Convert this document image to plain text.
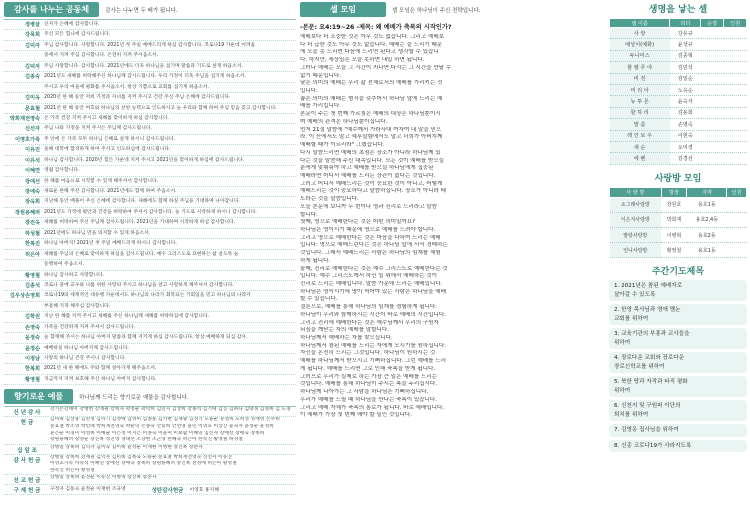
감사를 나누는 공동체	감사는 나누면 두 배가 됩니다.
정병살 신자가 은혜에 감사합니다.
강목희 주신 모든 힘나에 감사드립니다.
김덕자 주님 감사합니다. 사랑합니다. 2021년 첫 주일 예배드리게 하심 감사합니다. 코로나19 가운데 어려움
중에서 지켜 주심 감사합니다. 온전히 지켜 주시옵소서.
김덕자 주님 사랑합니다. 감사합니다. 2021년에도 더욱 하나님을 섬기며 말씀과 기도로 살게 하옵소서.
김종숙 2021년도 새해를 허락해주신 하나님께 감사드립니다. 우리 가정이 더욱 주님을 섬기게 하옵소서.
주시고 우리 마을에 평화를 주시옵소서. 항상 기쁨으로 교회를 섬기게 하옵소서.
김미옥 2020년 한 해 동안 저희 가정과 자녀를 지켜 주시고 건강 주신 주님 은혜에 감사드립니다.
문효철 2021년 한 해 동안 여호와 하나님의 선한 능력으로 인도하시고 늘 우리와 함께 하여 주심 믿음 갖고 감사합니다.
박희재전영숙 온 가족 건강 지켜 주시고 새해를 맞이하게 하심 감사합니다.
신선자 주님 나와 가정을 지켜 주시는 주님께 감사드립니다.
이영호가족 주 안에 온 가족 모두 하나님 은혜로 살게 하시니 감사드립니다.
이유진 올해 대학에 합격하게 하여 주시고 인도하심에 감사드립니다.
이유석 하나님 감사합니다. 2020년 힘든 가운데 지켜 주시고 2021년을 맞이하게 하심에 감사드립니다.
이혜연 영월 감사합니다.
장애선 한 해를 마음으로 시작할 수 있게 해주셔서 감사합니다.
장애숙 새로운 한해 주신 감사합니다. 2021년에도 함께 하여 주옵소서.
장옥희 지난해 동안 베풀어 주신 은혜에 감사합니다. 새해에도 함께 하실 주님을 기대하며 나아갑니다.
장원용혜려 2021년도 가정에 평안과 건강을 허락하여 주셔서 감사합니다. 늘 기도로 시작하게 하시니 감사합니다.
장진옥 새해를 허락하여 주신 주님께 감사드립니다. 2021년을 기대하며 시작하게 하심 감사합니다.
하성철 2021년에도 하나님 만을 의지할 수 있게 하옵소서.
한복진 하나님 아버지! 2021년 첫 주일 예배드리게 하시니 감사합니다.
허은아 새해를 주님의 은혜로 맞이하게 하심을 감사드립니다. 예수 그리스도로 표현하는 삶 살도록 늘
동행하여 주옵소서.
황영철 하나님 감사하고 사랑합니다.
김종석 코로나 중에 교우와 나를 위한 사랑의 주시고 하나님을 알고 사랑하게 해주셔서 감사합니다.
김우상손영희 코로나19의 세계적인 대유행 가운데서도 하나님의 나라가 회복되는 기회임을 믿고 하나님의 나라가
부흥해 지게 해주심 감사합니다.
김학권 지난 한 해를 지켜 주시고 새해를 주신 하나님께 새해를 허락하심에 감사합니다.
손영숙 가족을 건강하게 지켜 주셔서 감사드립니다.
윤정숙 늘 함께해 주시는 하나님 아버지 말씀과 함께 지키게 하심 감사드립니다. 항상 예배하게 되심 감사.
윤정순 예배하실 하나님 아버지께 감사드립니다.
이정남 사랑의 하나님 건강 주시니 감사합니다.
한복희 2021년 새 한 해에도 주와 함께 살아가게 해주옵소서.
황영철 지금까지 지켜 보호해 주신 하나님 아버지 감사합니다.
향기로운 예물	하나님께 드리는 향기로운 예물을 감사합니다.
신 년 감 사
강기온강세미 강병헌 강재권 강희자 곽정순 곽덕희 김민지 김상희 강종석 김기택 김진 김하나 김태경 김형옥 김 도경
헌 금
김미옥 김상중 김연정 김서기 김정애 김영미 김종훈 김가현 김재광 김정기 노용순 유정희 노희정 성재영 손주희
문효철 박소영 박민태 박희재전영숙 박순덕 손종숙 안승희 안선영 윤민 이영호 이상진 윤숙자 윤정순 윤정희
윤은순 이경미 이영옥 이예슬 이은정 이지은 이종숙 이윤미 이보람 이혜연 임신자 장애선 장애숙 장옥희
장원용혜려 장영순 장진옥 정진영 정대선 조상현 조근영 한혜숙 허은아 한복진 황영철 하성철
십 일 조
강병일 강옥희 김덕자 김미숙 김미옥 윤정순 이재현 이병현 장진옥 장춘자
감 사 헌 금
강병일 강옥희 강재권 김덕자 김미옥 김옥숙 노용순 문효철 박희재전영숙 신선자 이유진
이영호가족 이유석 이혜연 장애선 장애숙 장옥희 장원용혜려 장진옥 전정애 허은아 황영철
한복진 허은아 황영철
선 교 헌 금
강병일 강옥희 윤정순 이유진 이병혁 장진옥 장춘자
구 제 헌 금	구정자 김동숙 윤정순 이재현 조규영	성탄감사헌금 이영호 홍지혜
셀 모임	셀 모임은 하나님이 주신 전략입니다.
-본문: 요4:19~26 -제목: 왜 예배가 축복의 시작인가?
예배보다 더 소중한 것은 아무 것도 없습니다. 그리고 예배보
다 더 급한 것도 아무 것도 없습니다. 예배는 늘 드리기 때문
에 오늘 못 드리면 다음에 드리면 된다고 생각할 수 있습니
다. 하지만, 세상일은 오늘 못하면 내일 하면 됩니다.
그러나 예배는 오늘 그 시간이 지나면 다시는 그 시간을 만날 수
없기 때문입니다.
낮은 의미의 예배는 우리 삶 전체로서의 예배를 가리키는 것
입니다.
좁은 의미의 예배는 형식을 갖추어서 하나님 앞에 드리는 예
배를 가리킵니다.
본문이 주는 첫 번째 가르침은 예배의 대상은 하나님뿐이시
며 예배의 관객은 하나님뿐이십니다.
먼저 21절 말씀에 "예수께서 가라사대 여자여 내 말을 믿으
라. 이 산에서도 말고 예루살렘에서도 말고 너희가 아버지께
예배할 때가 이르리라" 그랬습니다.
다시 말씀드리면 예배의 초점은 장소가 아니라 하나님께 있
다는 것을 말씀해 주신 대목입니다. 모든 것이 예배를 받으실
분에게 맞춰줘야 하고 예배를 받으실 하나님에게 집중된
예배라면 어디서 예배를 드리든 상관이 없다는 것입니다.
그러고 어디서 예배드리는 것이 중요한 것이 아니고, 어떻게
예배드리는 것이 중요하다고 말씀하십니다. 장소가 아니라 태
도라는 것을 말씀입니다.
오늘 본문에 보니까 두 번이나 영과 진리로 드리라고 말씀
합니다.
첫째, 영으로 예배한다는 것은 어떤 의미일까요?
하나님은 영이시기 때문에 영으로 예배를 드려야 합니다.
그리고 영으로 예배한다는 것은 마음을 다하여 드리는 예배
입니다. 영으로 예배드린다는 것은 하나님 앞에 서서 경배하는
것입니다. 그래서 예배드리는 사람은 하나님의 임재를 체험
하게 됩니다.
둘째, 진리로 예배한다는 것은 예수 그리스도로 예배한다는 것
입니다. 예수 그리스도께서 하신 일 위에서 예배하는 것이
진리로 드리는 예배입니다. 말씀 가운데 드리는 예배입니다.
하나님은 영이시기에 영이 먹어야 있는 사람은 하나님을 예배
할 수 있습니다.
결론으로, 예배를 통해 하나님의 임재를 경험하게 됩니다.
하나님이 우리와 함께하시는 시간이 바로 예배의 시간입니다.
그리고 진리에 예배한다는 것은 예수님께서 우리의 구원자
되심을 깨닫는 자의 예배를 말합니다.
하나님께서 예배하는 자를 찾으십니다.
하나님께서 참된 예배를 드리는 자에게 오시기를 원하십니다.
자신을 온전히 드리는 그것입니다. 하나님이 원하시는 것
예배를 하나님께서 받으시고 기뻐하십니다. 그런 예배를 드리
게 됩니다. 예배를 드리면 그로 인해 축복을 받게 됩니다.
그러므로 우리가 실제로 하는 가장 큰 일은 예배를 드리는
것입니다. 예배를 통해 하나님이 주시는 복을 누리십시다.
하나님께 나아가는 그 사람을 하나님은 기뻐하십니다.
우리가 예배를 드릴 때 하나님을 만나는 축복이 있습니다.
그리고 예배 자체가 축복의 통로가 됩니다. 바로 예배입니다.
이 예배가 가장 첫 번째 해야 할 일인 것입니다.
생명을 낳는 셀
셀 이름	리더	순장	인원
사 랑	강유규		
예성이(예화)	윤성규		
두나미스	김종혁		
할 렐 루 야	김민석		
비 전	김일순		
머 리 아	노옥순		
뉴 투 몬	윤숙자		
할 하 리	김용희		
말 씀	손영숙		
레 인 보 우	이현숙		
새 순	오미경		
에 벤	김경선		
사랑방 모임
사 랑 방	방장	지역	인원
소그래사랑방	장원호	용호1동	
이은지사랑방	박희재	용호2,4동	
말랑사랑방	이병혁	용호2동	
언니사랑방	황영철	용호1동	
주간기도제목
1. 2021년은 참된 예배자로
살아갈 수 있도록
2. 한영 목사님과 영애 멤논
교회를 위하여
3. 교육기관의 부흥과 교사들을
위하여
4. 장로다운 교회와 장로다운
장로신학교를 위하여
5. 북한 땅과 자작과 타직 평화
위하여
6. 신천지 및 구원파 이단의
퇴치를 위하여
7. 김영옹 집사님을 위하여
8. 신종 코로나19가 사라지도록
